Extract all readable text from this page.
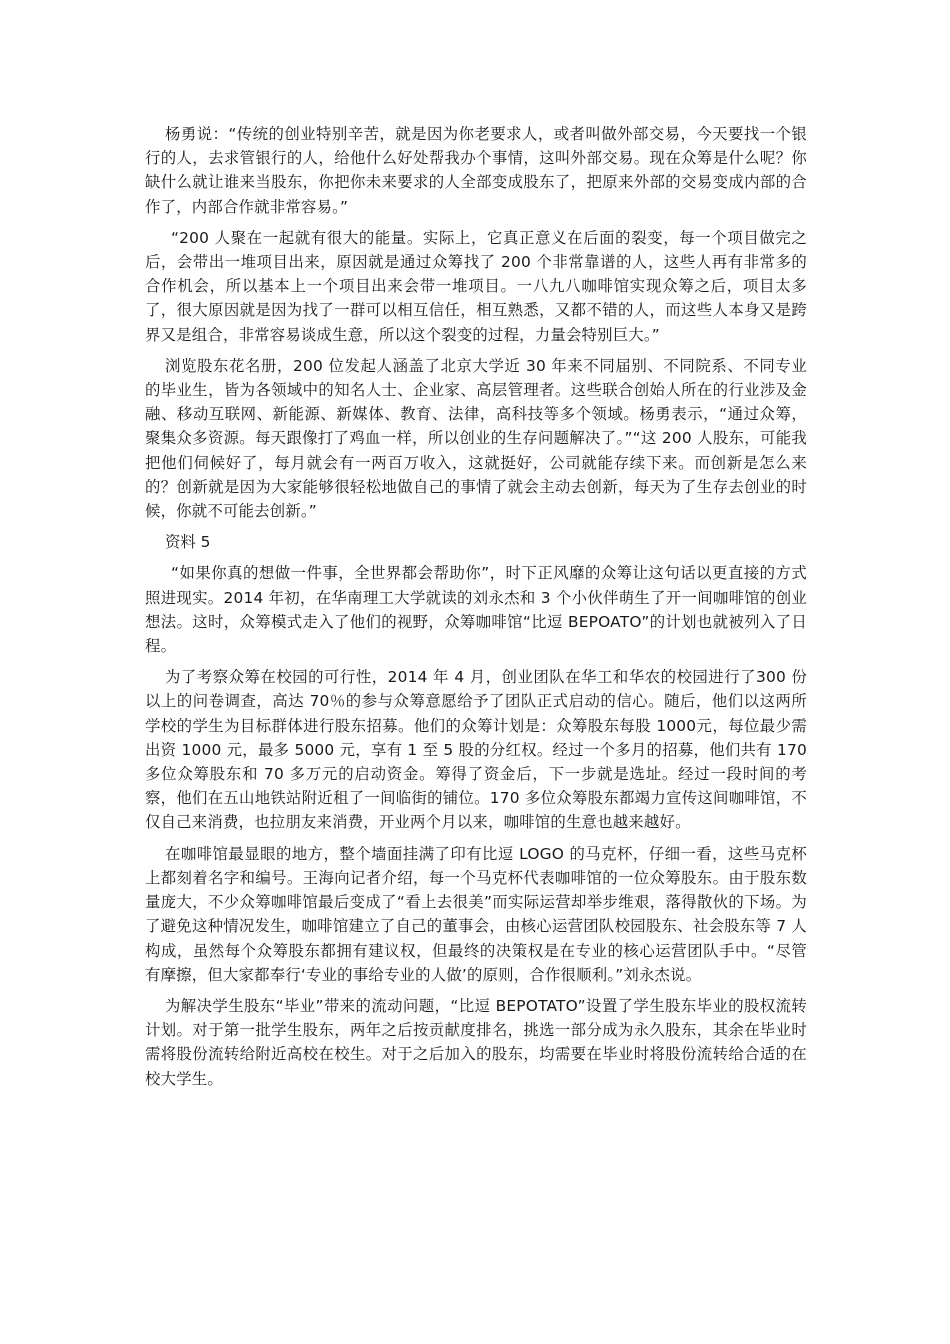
杨勇说：“传统的创业特别辛苦，就是因为你老要求人，或者叫做外部交易，今天要找一个银行的人，去求管银行的人，给他什么好处帮我办个事情，这叫外部交易。现在众筹是什么呢？你缺什么就让谁来当股东，你把你未来要求的人全部变成股东了，把原来外部的交易变成内部的合作了，内部合作就非常容易。”

“200 人聚在一起就有很大的能量。实际上，它真正意义在后面的裂变，每一个项目做完之后，会带出一堆项目出来，原因就是通过众筹找了 200 个非常靠谱的人，这些人再有非常多的合作机会，所以基本上一个项目出来会带一堆项目。一八九八咖啡馆实现众筹之后，项目太多了，很大原因就是因为找了一群可以相互信任，相互熟悉，又都不错的人，而这些人本身又是跨界又是组合，非常容易谈成生意，所以这个裂变的过程，力量会特别巨大。”

浏览股东花名册，200 位发起人涵盖了北京大学近 30 年来不同届别、不同院系、不同专业的毕业生，皆为各领域中的知名人士、企业家、高层管理者。这些联合创始人所在的行业涉及金融、移动互联网、新能源、新媒体、教育、法律，高科技等多个领域。杨勇表示，“通过众筹，聚集众多资源。每天跟像打了鸡血一样，所以创业的生存问题解决了。”“这 200 人股东，可能我把他们伺候好了，每月就会有一两百万收入，这就挺好，公司就能存续下来。而创新是怎么来的？创新就是因为大家能够很轻松地做自己的事情了就会主动去创新，每天为了生存去创业的时候，你就不可能去创新。”

资料 5

“如果你真的想做一件事，全世界都会帮助你”，时下正风靡的众筹让这句话以更直接的方式照进现实。2014 年初，在华南理工大学就读的刘永杰和 3 个小伙伴萌生了开一间咖啡馆的创业想法。这时，众筹模式走入了他们的视野，众筹咖啡馆“比逗 BEPOATO”的计划也就被列入了日程。

为了考察众筹在校园的可行性，2014 年 4 月，创业团队在华工和华农的校园进行了300 份以上的问卷调查，高达 70％的参与众筹意愿给予了团队正式启动的信心。随后，他们以这两所学校的学生为目标群体进行股东招募。他们的众筹计划是：众筹股东每股 1000元，每位最少需出资 1000 元，最多 5000 元，享有 1 至 5 股的分红权。经过一个多月的招募，他们共有 170 多位众筹股东和 70 多万元的启动资金。筹得了资金后，下一步就是选址。经过一段时间的考察，他们在五山地铁站附近租了一间临街的铺位。170 多位众筹股东都竭力宣传这间咖啡馆，不仅自己来消费，也拉朋友来消费，开业两个月以来，咖啡馆的生意也越来越好。

在咖啡馆最显眼的地方，整个墙面挂满了印有比逗 LOGO 的马克杯，仔细一看，这些马克杯上都刻着名字和编号。王海向记者介绍，每一个马克杯代表咖啡馆的一位众筹股东。由于股东数量庞大，不少众筹咖啡馆最后变成了“看上去很美”而实际运营却举步维艰，落得散伙的下场。为了避免这种情况发生，咖啡馆建立了自己的董事会，由核心运营团队校园股东、社会股东等 7 人构成，虽然每个众筹股东都拥有建议权，但最终的决策权是在专业的核心运营团队手中。“尽管有摩擦，但大家都奉行‘专业的事给专业的人做’的原则，合作很顺利。”刘永杰说。

为解决学生股东“毕业”带来的流动问题，“比逗 BEPOTATO”设置了学生股东毕业的股权流转计划。对于第一批学生股东，两年之后按贡献度排名，挑选一部分成为永久股东，其余在毕业时需将股份流转给附近高校在校生。对于之后加入的股东，均需要在毕业时将股份流转给合适的在校大学生。
